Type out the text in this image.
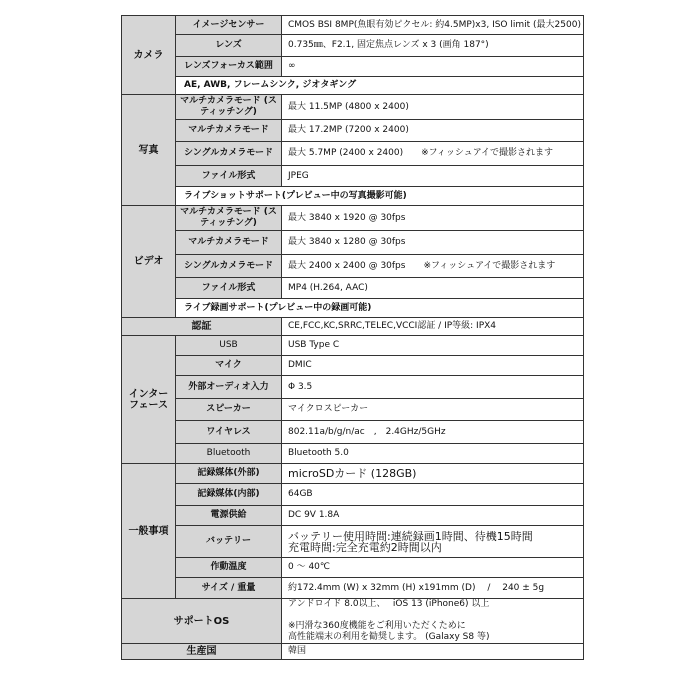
カメラ	イメージセンサー	CMOS BSI 8MP(魚眼有効ピクセル: 約4.5MP)x3, ISO limit (最大2500)
	レンズ	0.735㎜、F2.1, 固定焦点レンズ x 3 (画角 187°)
	レンズフォーカス範囲	∞
	AE, AWB, フレームシンク, ジオタギング	
写真	マルチカメラモード (スティッチング)	最大 11.5MP (4800 x 2400)
	マルチカメラモード	最大 17.2MP (7200 x 2400)
	シングルカメラモード	最大 5.7MP (2400 x 2400) ※フィッシュアイで撮影されます
	ファイル形式	JPEG
	ライブショットサポート(プレビュー中の写真撮影可能)	
ビデオ	マルチカメラモード (スティッチング)	最大 3840 x 1920 @ 30fps
	マルチカメラモード	最大 3840 x 1280 @ 30fps
	シングルカメラモード	最大 2400 x 2400 @ 30fps ※フィッシュアイで撮影されます
	ファイル形式	MP4 (H.264, AAC)
	ライブ録画サポート(プレビュー中の録画可能)	
認証		CE,FCC,KC,SRRC,TELEC,VCCI認証 / IP等級: IPX4
インター
フェース	USB	USB Type C
	マイク	DMIC
	外部オーディオ入力	Φ 3.5
	スピーカー	マイクロスピーカー
	ワイヤレス	802.11a/b/g/n/ac　,　2.4GHz/5GHz
	Bluetooth	Bluetooth 5.0
一般事項	記録媒体(外部)	microSDカード (128GB)
	記録媒体(内部)	64GB
	電源供給	DC 9V 1.8A
	バッテリー	バッテリー使用時間:連続録画1時間、待機15時間
充電時間:完全充電約2時間以内
	作動温度	0 ～ 40℃
	サイズ / 重量	約172.4mm (W) x 32mm (H) x191mm (D)　 /　 240 ± 5g
サポートOS		アンドロイド 8.0以上、　 iOS 13 (iPhone6) 以上

※円滑な360度機能をご利用いただくために
高性能端末の利用を勧奨します。 (Galaxy S8 等)
生産国		韓国
